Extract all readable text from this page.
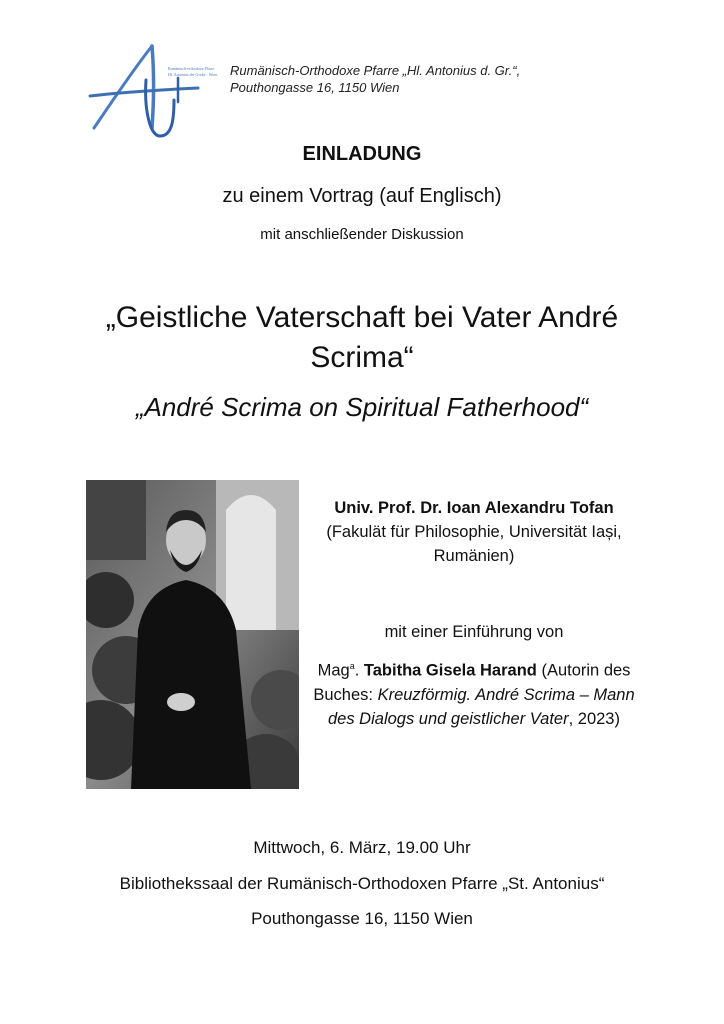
Rumänisch-orthodoxe Pfarre
Hl. Antonius der Große · Wien Rumänisch-Orthodoxe Pfarre „Hl. Antonius d. Gr.“,
Pouthongasse 16, 1150 Wien
EINLADUNG
zu einem Vortrag (auf Englisch)
mit anschließender Diskussion
„Geistliche Vaterschaft bei Vater André Scrima“
„André Scrima on Spiritual Fatherhood“
Univ. Prof. Dr. Ioan Alexandru Tofan
(Fakulät für Philosophie, Universität Iași, Rumänien)
mit einer Einführung von
Mag$^a$. Tabitha Gisela Harand (Autorin des Buches: Kreuzförmig. André Scrima – Mann des Dialogs und geistlicher Vater, 2023)
Mittwoch, 6. März, 19.00 Uhr
Bibliothekssaal der Rumänisch-Orthodoxen Pfarre „St. Antonius“
Pouthongasse 16, 1150 Wien
